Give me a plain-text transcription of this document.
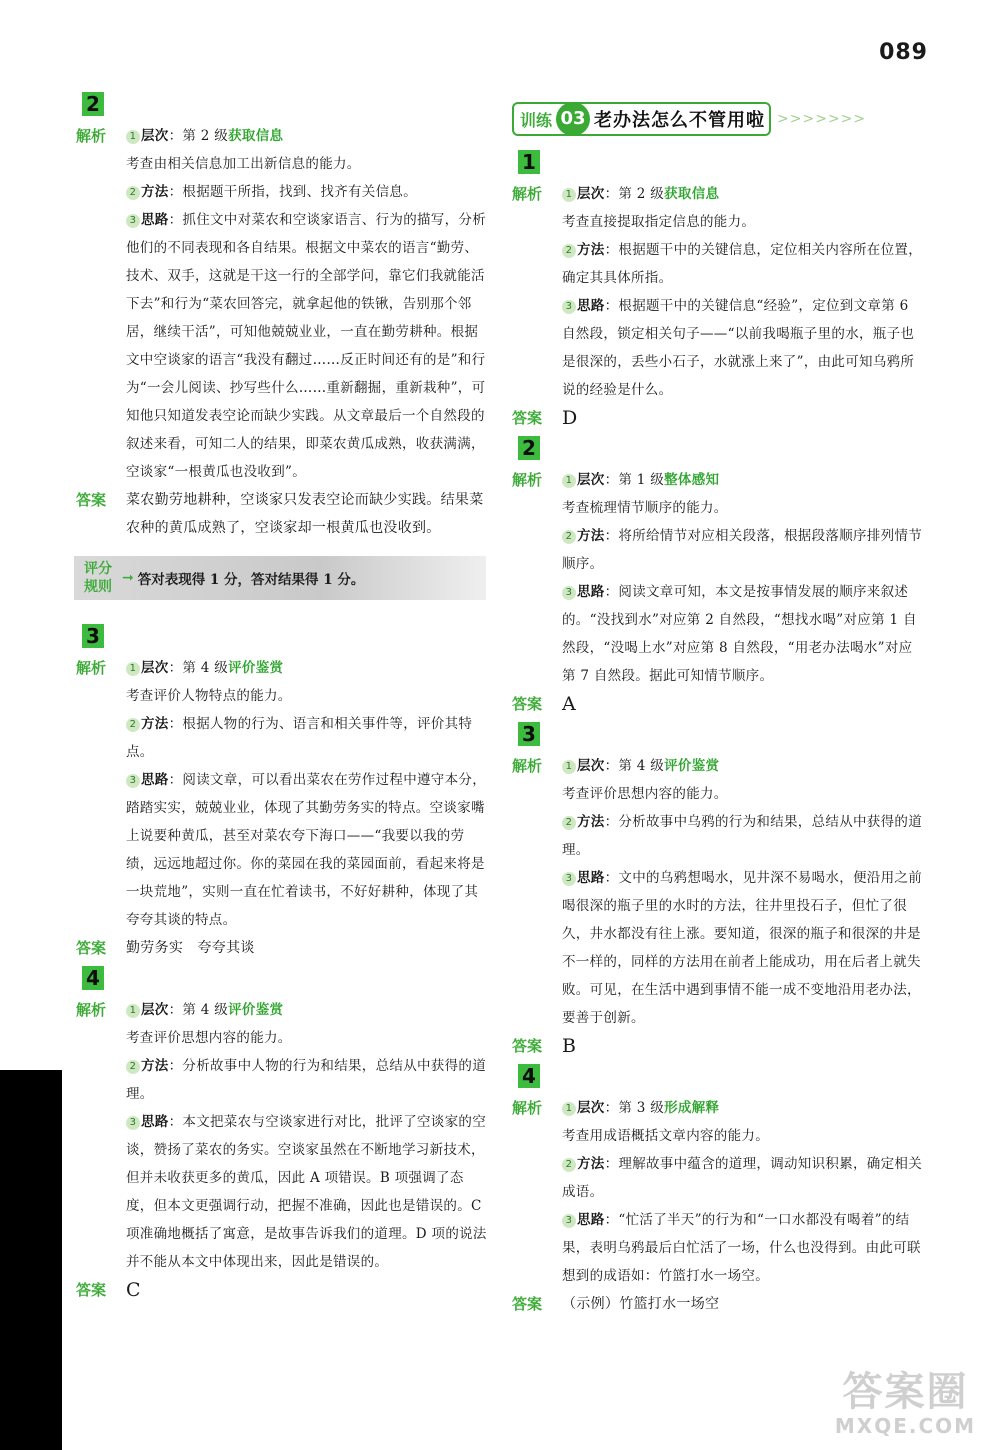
089
2
解析	1 层次：第 2 级获取信息

考查由相关信息加工出新信息的能力。

2 方法：根据题干所指，找到、找齐有关信息。

3 思路：抓住文中对菜农和空谈家语言、行为的描写，分析他们的不同表现和各自结果。根据文中菜农的语言“勤劳、技术、双手，这就是干这一行的全部学问，靠它们我就能活下去”和行为“菜农回答完，就拿起他的铁锹，告别那个邻居，继续干活”，可知他兢兢业业，一直在勤劳耕种。根据文中空谈家的语言“我没有翻过……反正时间还有的是”和行为“一会儿阅读、抄写些什么……重新翻掘，重新栽种”，可知他只知道发表空论而缺少实践。从文章最后一个自然段的叙述来看，可知二人的结果，即菜农黄瓜成熟，收获满满，空谈家“一根黄瓜也没收到”。

答案	菜农勤劳地耕种，空谈家只发表空论而缺少实践。结果菜农种的黄瓜成熟了，空谈家却一根黄瓜也没收到。
评分
规则
➞ 答对表现得 1 分，答对结果得 1 分。
3
解析	1 层次：第 4 级评价鉴赏

考查评价人物特点的能力。

2 方法：根据人物的行为、语言和相关事件等，评价其特点。

3 思路：阅读文章，可以看出菜农在劳作过程中遵守本分，踏踏实实，兢兢业业，体现了其勤劳务实的特点。空谈家嘴上说要种黄瓜，甚至对菜农夸下海口——“我要以我的劳绩，远远地超过你。你的菜园在我的菜园面前，看起来将是一块荒地”，实则一直在忙着读书，不好好耕种，体现了其夸夸其谈的特点。

答案	勤劳务实　夸夸其谈
4
解析	1 层次：第 4 级评价鉴赏

考查评价思想内容的能力。

2 方法：分析故事中人物的行为和结果，总结从中获得的道理。

3 思路：本文把菜农与空谈家进行对比，批评了空谈家的空谈，赞扬了菜农的务实。空谈家虽然在不断地学习新技术，但并未收获更多的黄瓜，因此 A 项错误。B 项强调了态度，但本文更强调行动，把握不准确，因此也是错误的。C 项准确地概括了寓意，是故事告诉我们的道理。D 项的说法并不能从本文中体现出来，因此是错误的。

答案	C
训练 03 老办法怎么不管用啦 >>>>>>>
1
解析	1 层次：第 2 级获取信息

考查直接提取指定信息的能力。

2 方法：根据题干中的关键信息，定位相关内容所在位置，确定其具体所指。

3 思路：根据题干中的关键信息“经验”，定位到文章第 6 自然段，锁定相关句子——“以前我喝瓶子里的水，瓶子也是很深的，丢些小石子，水就涨上来了”，由此可知乌鸦所说的经验是什么。

答案	D
2
解析	1 层次：第 1 级整体感知

考查梳理情节顺序的能力。

2 方法：将所给情节对应相关段落，根据段落顺序排列情节顺序。

3 思路：阅读文章可知，本文是按事情发展的顺序来叙述的。“没找到水”对应第 2 自然段，“想找水喝”对应第 1 自然段，“没喝上水”对应第 8 自然段，“用老办法喝水”对应第 7 自然段。据此可知情节顺序。

答案	A
3
解析	1 层次：第 4 级评价鉴赏

考查评价思想内容的能力。

2 方法：分析故事中乌鸦的行为和结果，总结从中获得的道理。

3 思路：文中的乌鸦想喝水，见井深不易喝水，便沿用之前喝很深的瓶子里的水时的方法，往井里投石子，但忙了很久，井水都没有往上涨。要知道，很深的瓶子和很深的井是不一样的，同样的方法用在前者上能成功，用在后者上就失败。可见，在生活中遇到事情不能一成不变地沿用老办法，要善于创新。

答案	B
4
解析	1 层次：第 3 级形成解释

考查用成语概括文章内容的能力。

2 方法：理解故事中蕴含的道理，调动知识积累，确定相关成语。

3 思路：“忙活了半天”的行为和“一口水都没有喝着”的结果，表明乌鸦最后白忙活了一场，什么也没得到。由此可联想到的成语如：竹篮打水一场空。

答案	（示例）竹篮打水一场空
答案圈
MXQE.COM
